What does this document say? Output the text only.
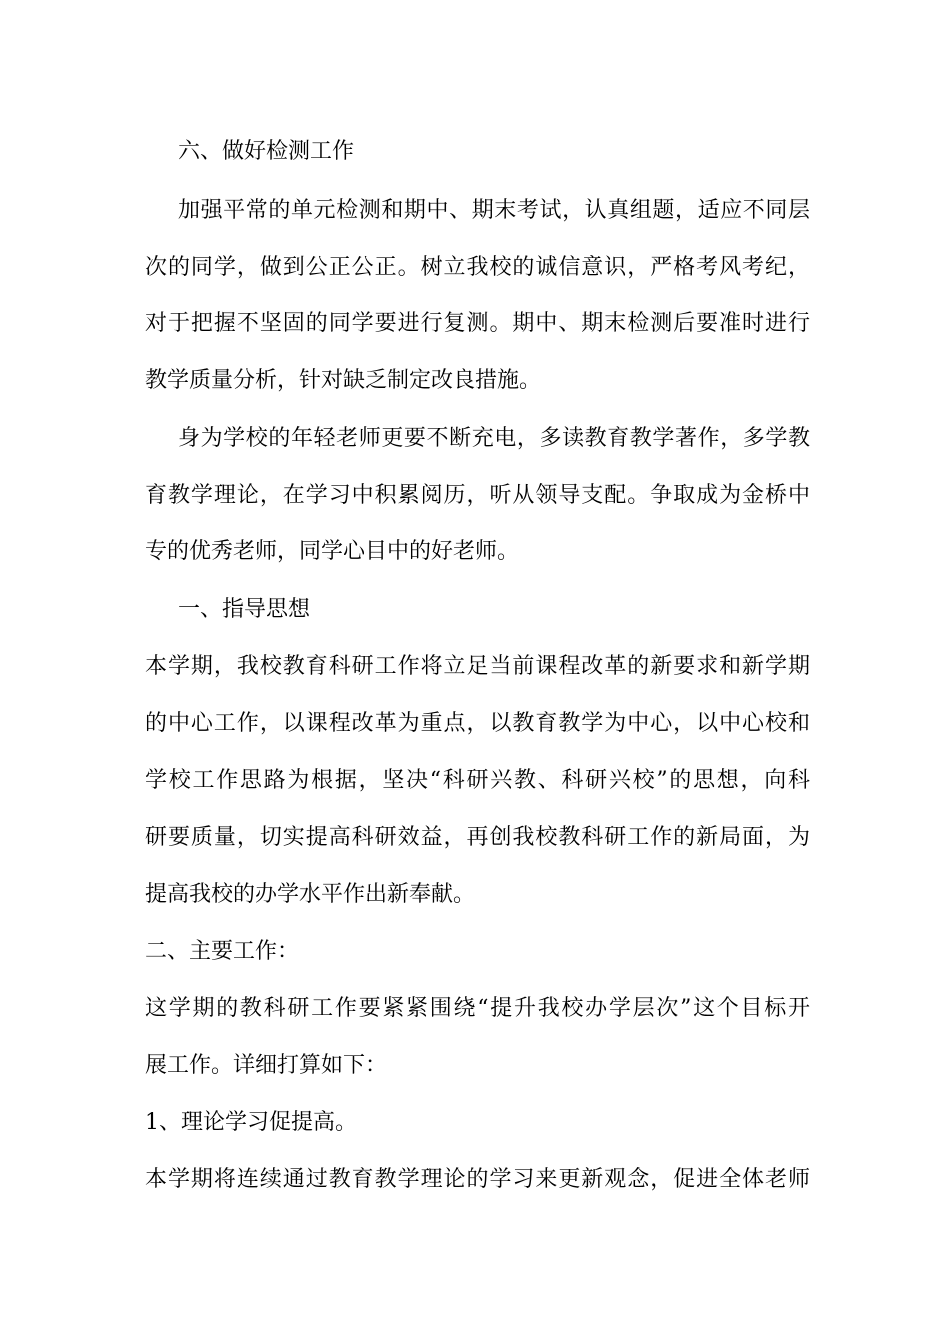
六、做好检测工作

加强平常的单元检测和期中、期末考试，认真组题，适应不同层

次的同学，做到公正公正。树立我校的诚信意识，严格考风考纪，

对于把握不坚固的同学要进行复测。期中、期末检测后要准时进行

教学质量分析，针对缺乏制定改良措施。

身为学校的年轻老师更要不断充电，多读教育教学著作，多学教

育教学理论，在学习中积累阅历，听从领导支配。争取成为金桥中

专的优秀老师，同学心目中的好老师。

一、指导思想

本学期，我校教育科研工作将立足当前课程改革的新要求和新学期

的中心工作，以课程改革为重点，以教育教学为中心，以中心校和

学校工作思路为根据，坚决“科研兴教、科研兴校”的思想，向科

研要质量，切实提高科研效益，再创我校教科研工作的新局面，为

提高我校的办学水平作出新奉献。

二、主要工作：

这学期的教科研工作要紧紧围绕“提升我校办学层次”这个目标开

展工作。详细打算如下：

1、理论学习促提高。

本学期将连续通过教育教学理论的学习来更新观念，促进全体老师
